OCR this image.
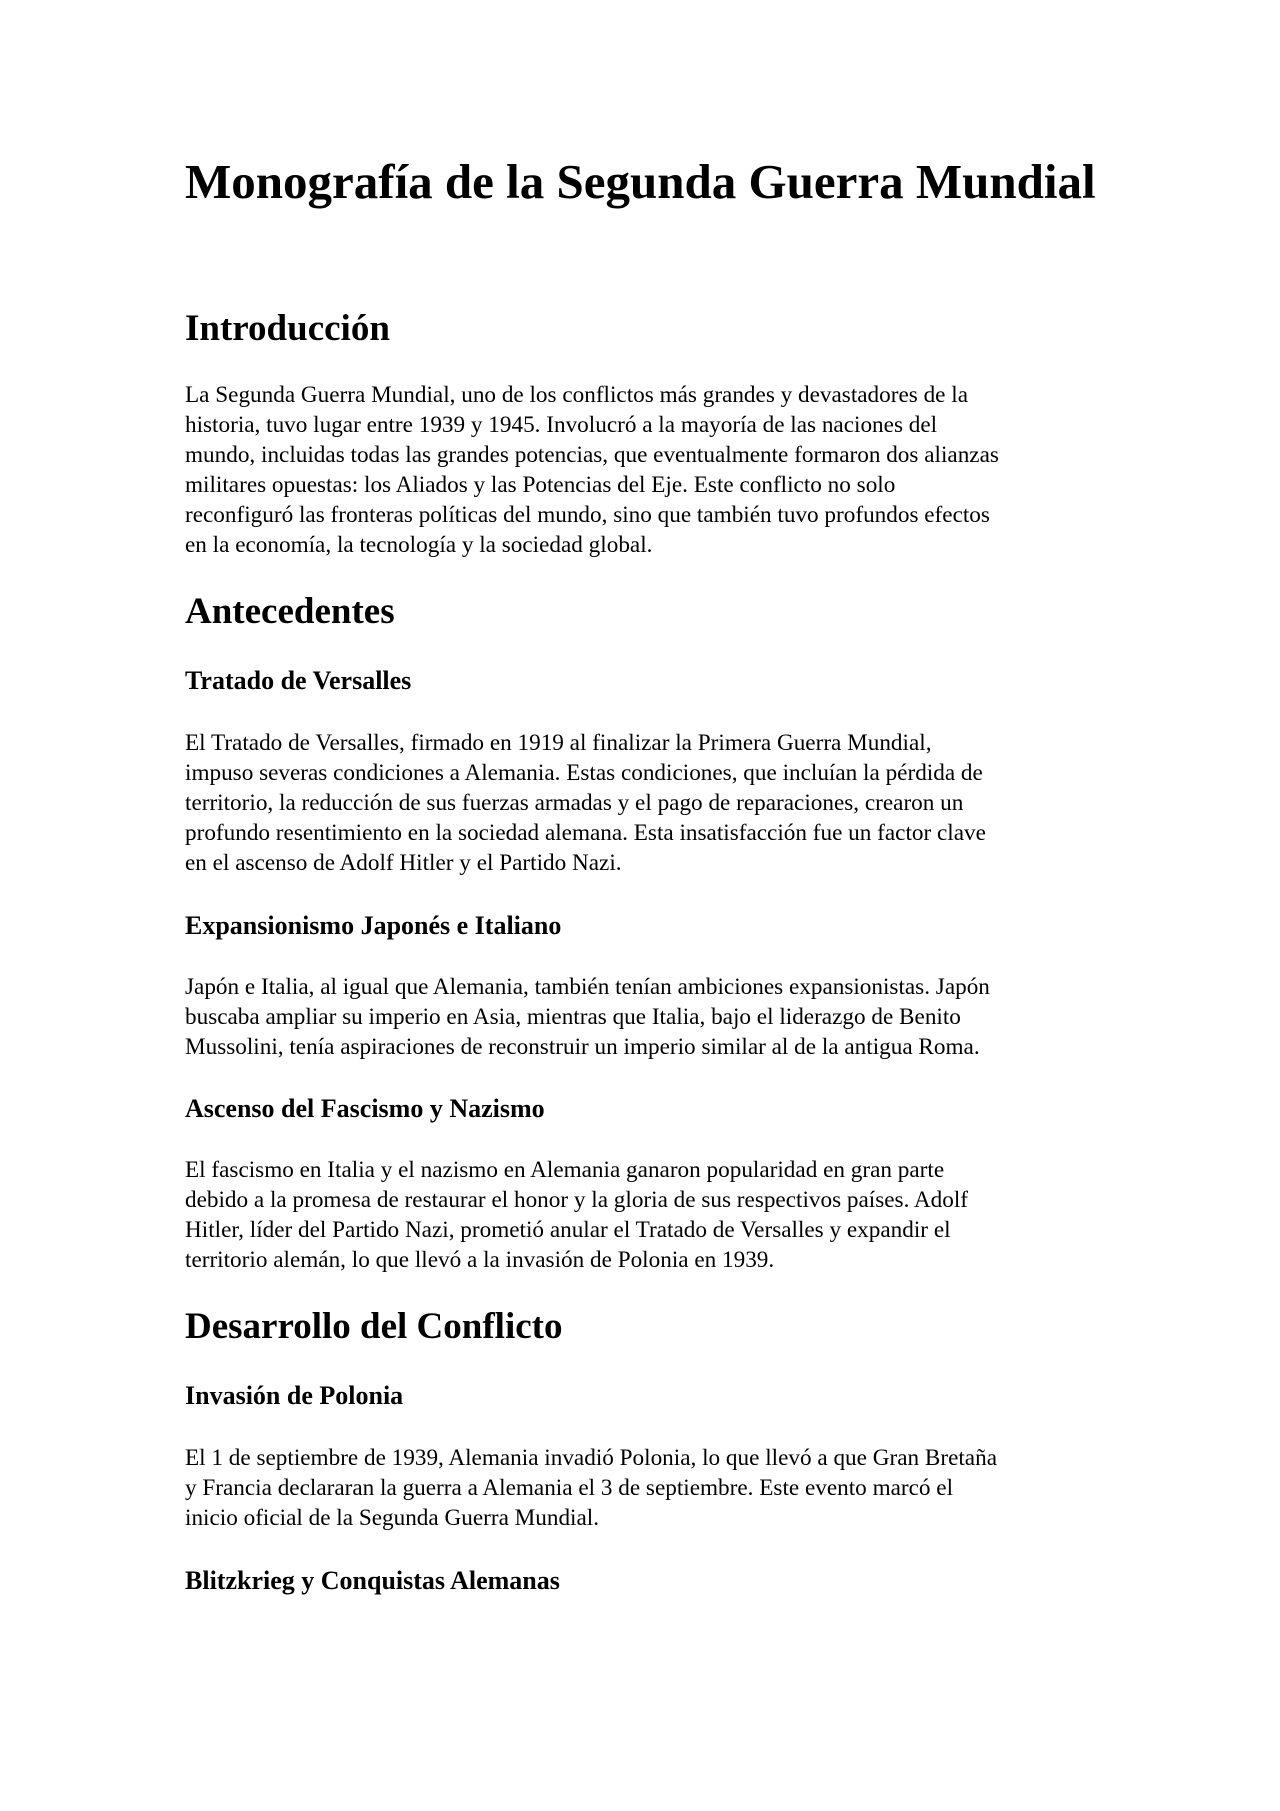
Monografía de la Segunda Guerra Mundial
Introducción
La Segunda Guerra Mundial, uno de los conflictos más grandes y devastadores de la
historia, tuvo lugar entre 1939 y 1945. Involucró a la mayoría de las naciones del
mundo, incluidas todas las grandes potencias, que eventualmente formaron dos alianzas
militares opuestas: los Aliados y las Potencias del Eje. Este conflicto no solo
reconfiguró las fronteras políticas del mundo, sino que también tuvo profundos efectos
en la economía, la tecnología y la sociedad global.
Antecedentes
Tratado de Versalles
El Tratado de Versalles, firmado en 1919 al finalizar la Primera Guerra Mundial,
impuso severas condiciones a Alemania. Estas condiciones, que incluían la pérdida de
territorio, la reducción de sus fuerzas armadas y el pago de reparaciones, crearon un
profundo resentimiento en la sociedad alemana. Esta insatisfacción fue un factor clave
en el ascenso de Adolf Hitler y el Partido Nazi.
Expansionismo Japonés e Italiano
Japón e Italia, al igual que Alemania, también tenían ambiciones expansionistas. Japón
buscaba ampliar su imperio en Asia, mientras que Italia, bajo el liderazgo de Benito
Mussolini, tenía aspiraciones de reconstruir un imperio similar al de la antigua Roma.
Ascenso del Fascismo y Nazismo
El fascismo en Italia y el nazismo en Alemania ganaron popularidad en gran parte
debido a la promesa de restaurar el honor y la gloria de sus respectivos países. Adolf
Hitler, líder del Partido Nazi, prometió anular el Tratado de Versalles y expandir el
territorio alemán, lo que llevó a la invasión de Polonia en 1939.
Desarrollo del Conflicto
Invasión de Polonia
El 1 de septiembre de 1939, Alemania invadió Polonia, lo que llevó a que Gran Bretaña
y Francia declararan la guerra a Alemania el 3 de septiembre. Este evento marcó el
inicio oficial de la Segunda Guerra Mundial.
Blitzkrieg y Conquistas Alemanas
